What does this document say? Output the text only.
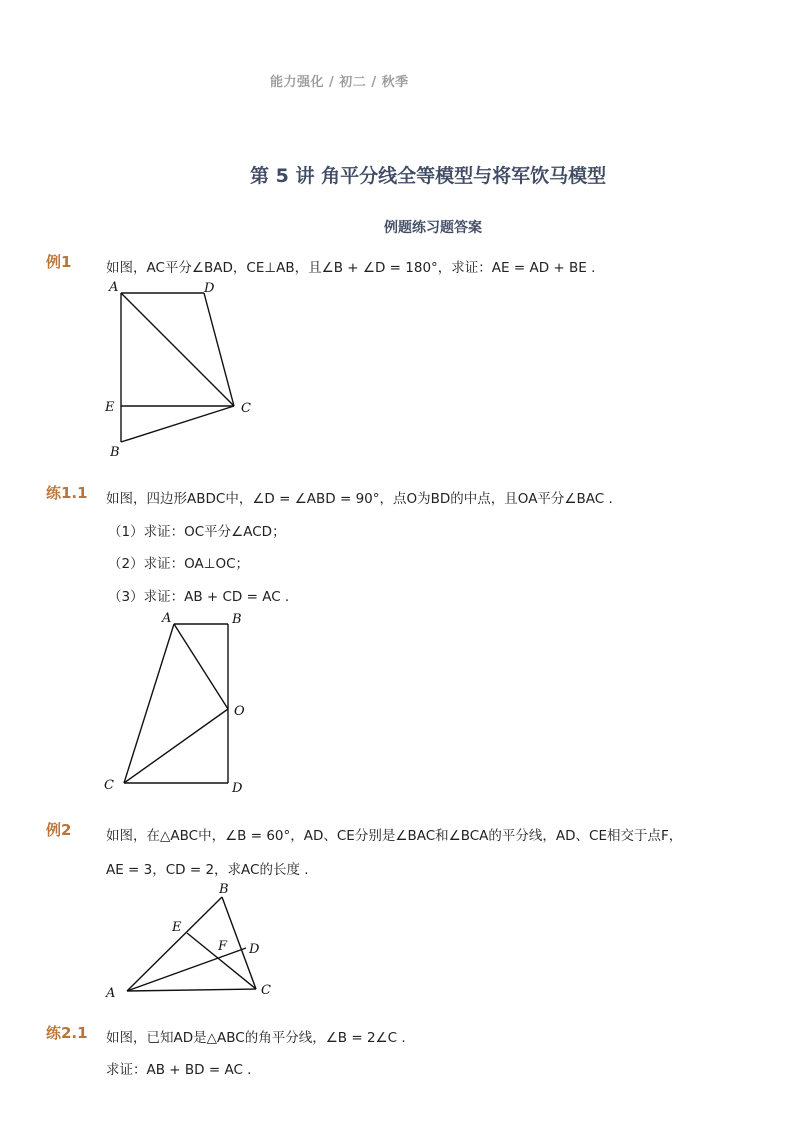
能力强化 / 初二 / 秋季
第 5 讲 角平分线全等模型与将军饮马模型
例题练习题答案
例1	如图，AC平分∠BAD，CE⊥AB，且∠B + ∠D = 180°，求证：AE = AD + BE .
A	D
E	C
B
练1.1 如图，四边形ABDC中，∠D = ∠ABD = 90°，点O为BD的中点，且OA平分∠BAC .
（1）求证：OC平分∠ACD；
（2）求证：OA⊥OC；
（3）求证：AB + CD = AC .
A	B
O
C	D
例2	如图，在△ABC中，∠B = 60°，AD、CE分别是∠BAC和∠BCA的平分线，AD、CE相交于点F，
AE = 3，CD = 2，求AC的长度 .
B
E
F D
A	C
练2.1 如图，已知AD是△ABC的角平分线，∠B = 2∠C .
求证：AB + BD = AC .
